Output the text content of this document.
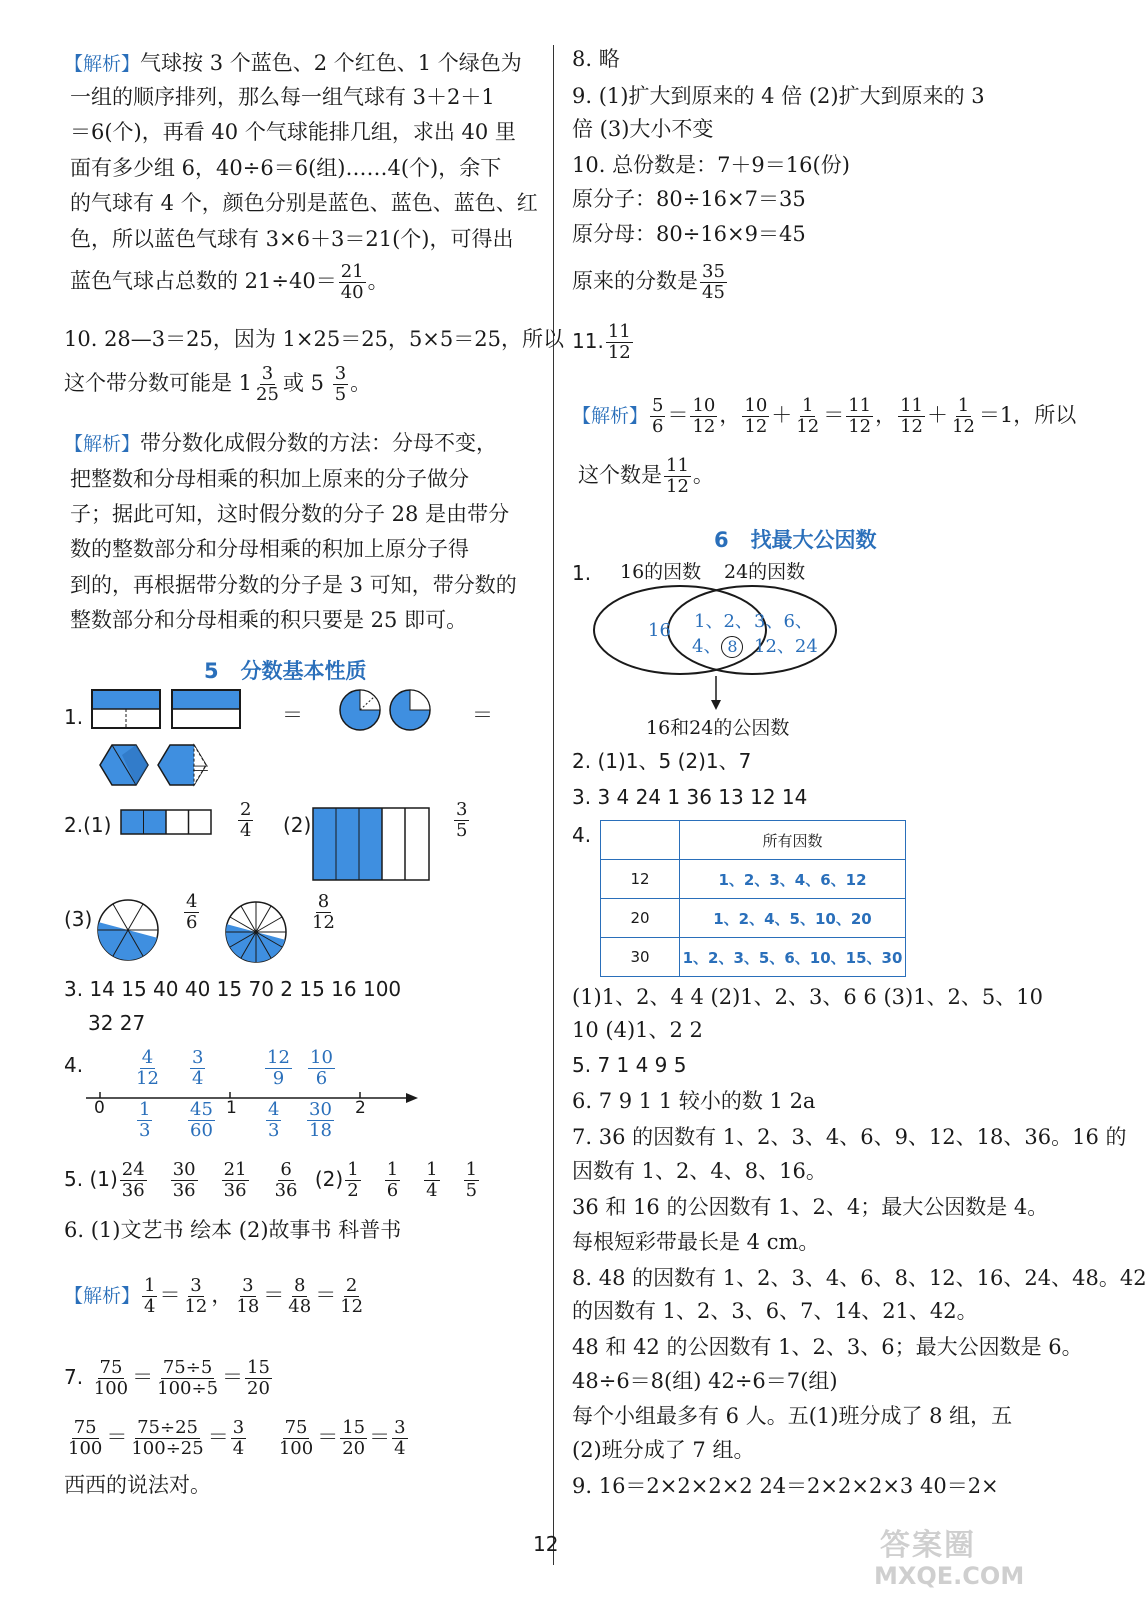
【解析】气球按 3 个蓝色、2 个红色、1 个绿色为
一组的顺序排列，那么每一组气球有 3＋2＋1
＝6(个)，再看 40 个气球能排几组，求出 40 里
面有多少组 6，40÷6＝6(组)……4(个)，余下
的气球有 4 个，颜色分别是蓝色、蓝色、蓝色、红
色，所以蓝色气球有 3×6＋3＝21(个)，可得出
蓝色气球占总数的 $21\div 40= \frac{21}{40}$ 。
10. 28—3＝25，因为 1×25＝25，5×5＝25，所以
这个带分数可能是 $1 \frac{3}{25}$ 或 $5 \frac{3}{5}$ 。
【解析】带分数化成假分数的方法：分母不变，
把整数和分母相乘的积加上原来的分子做分
子；据此可知，这时假分数的分子 28 是由带分
数的整数部分和分母相乘的积加上原分子得
到的，再根据带分数的分子是 3 可知，带分数的
整数部分和分母相乘的积只要是 25 即可。
5 分数基本性质
1.	＝	＝
＝
2.(1)	$\frac{2}{4} (2)$	$\frac{3}{5}$
(3)	$\frac{4}{6}$	$\frac{8}{12}$
3. 14 15 40 40 15 70 2 15 16 100
32 27
4.
0	1	2
$\frac{4}{12} \frac{3}{4}$	$\frac{12}{9} \frac{10}{6}$
$\frac{1}{3} \frac{45}{60}$	$\frac{4}{3} \frac{30}{18}$
5. $(1) \frac{24}{36}$
$\frac{30}{36}$
$\frac{21}{36}$
$\frac{6}{36} (2) \frac{1}{2}$
$\frac{1}{6}$
$\frac{1}{4}$
$\frac{1}{5}$
6. (1)文艺书 绘本 (2)故事书 科普书
【解析】 $\frac{1}{4} = \frac{3}{12}$ ， $\frac{3}{18} = \frac{8}{48} = \frac{2}{12}$
7. $\frac{75}{100} = \frac{75\div 5}{100\div 5} = \frac{15}{20}$
$\frac{75}{100} = \frac{75\div 25}{100\div 25} = \frac{3}{4}$
$\frac{75}{100} = \frac{15}{20} = \frac{3}{4}$
西西的说法对。
8. 略
9. (1)扩大到原来的 4 倍 (2)扩大到原来的 3
倍 (3)大小不变
10. 总份数是：7＋9＝16(份)
原分子：80÷16×7＝35
原分母：80÷16×9＝45
原来的分数是 $\frac{35}{45}$
11. $\frac{11}{12}$
【解析】 $\frac{5}{6} = \frac{10}{12}$ ， $\frac{10}{12} + \frac{1}{12} = \frac{11}{12}$ ， $\frac{11}{12} + \frac{1}{12} =1$，所以
这个数是 $\frac{11}{12}$ 。
6 找最大公因数
1. 16的因数 24的因数
16 1、2、
4、 8
3、6、
12、24
16和24的公因数
2. (1)1、5 (2)1、7
3. 3 4 24 1 36 13 12 14
4.
		所有因数
12	1、2、3、4、6、12
20	1、2、4、5、10、20
30	1、2、3、5、6、10、15、30
(1)1、2、4 4 (2)1、2、3、6 6 (3)1、2、5、10
10 (4)1、2 2
5. 7 1 4 9 5
6. 7 9 1 1 较小的数 1 2a
7. 36 的因数有 1、2、3、4、6、9、12、18、36。16 的
因数有 1、2、4、8、16。
36 和 16 的公因数有 1、2、4；最大公因数是 4。
每根短彩带最长是 4 cm。
8. 48 的因数有 1、2、3、4、6、8、12、16、24、48。42
的因数有 1、2、3、6、7、14、21、42。
48 和 42 的公因数有 1、2、3、6；最大公因数是 6。
48÷6＝8(组) 42÷6＝7(组)
每个小组最多有 6 人。五(1)班分成了 8 组，五
(2)班分成了 7 组。
9. 16＝2×2×2×2 24＝2×2×2×3 40＝2×
12	答案圈
MXQE.COM
